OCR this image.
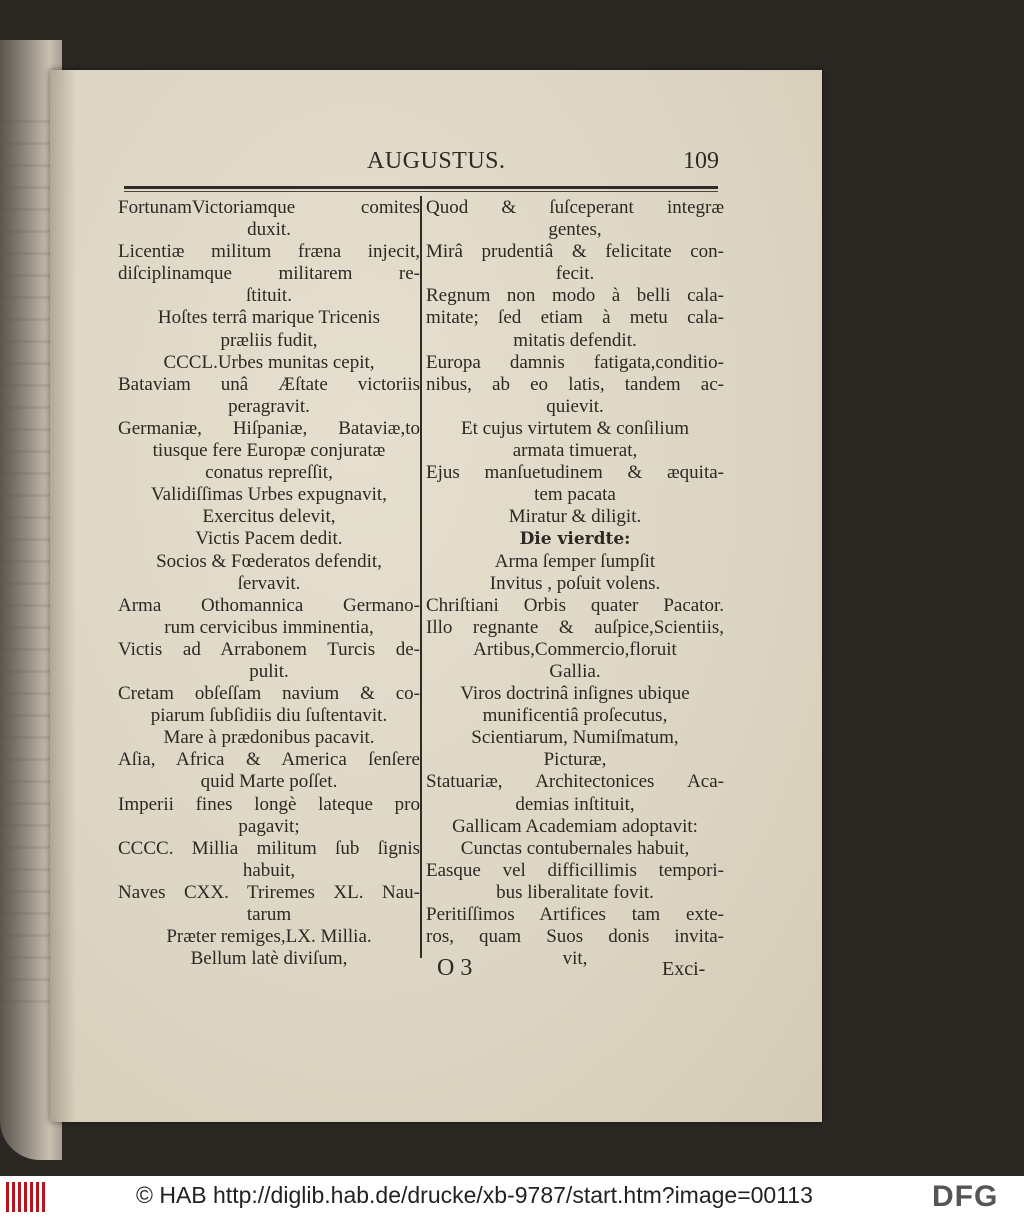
AUGUSTUS.	109
FortunamVictoriamque comites
duxit.
Licentiæ militum fræna injecit,
diſciplinamque militarem re-
ſtituit.
Hoſtes terrâ marique Tricenis
præliis fudit,
CCCL.Urbes munitas cepit,
Bataviam unâ Æſtate victoriis
peragravit.
Germaniæ, Hiſpaniæ, Bataviæ,to
tiusque fere Europæ conjuratæ
conatus repreſſit,
Validiſſimas Urbes expugnavit,
Exercitus delevit,
Victis Pacem dedit.
Socios & Fœderatos defendit,
ſervavit.
Arma Othomannica Germano-
rum cervicibus imminentia,
Victis ad Arrabonem Turcis de-
pulit.
Cretam obſeſſam navium & co-
piarum ſubſidiis diu ſuſtentavit.
Mare à prædonibus pacavit.
Aſia, Africa & America ſenſere
quid Marte poſſet.
Imperii fines longè lateque pro
pagavit;
CCCC. Millia militum ſub ſignis
habuit,
Naves CXX. Triremes XL. Nau-
tarum
Præter remiges,LX. Millia.
Bellum latè diviſum,
Quod & ſuſceperant integræ
gentes,
Mirâ prudentiâ & felicitate con-
fecit.
Regnum non modo à belli cala-
mitate; ſed etiam à metu cala-
mitatis defendit.
Europa damnis fatigata,conditio-
nibus, ab eo latis, tandem ac-
quievit.
Et cujus virtutem & conſilium
armata timuerat,
Ejus manſuetudinem & æquita-
tem pacata
Miratur & diligit.
Die vierdte:
Arma ſemper ſumpſit
Invitus , poſuit volens.
Chriſtiani Orbis quater Pacator.
Illo regnante & auſpice,Scientiis,
Artibus,Commercio,floruit
Gallia.
Viros doctrinâ inſignes ubique
munificentiâ proſecutus,
Scientiarum, Numiſmatum,
Picturæ,
Statuariæ, Architectonices Aca-
demias inſtituit,
Gallicam Academiam adoptavit:
Cunctas contubernales habuit,
Easque vel difficillimis tempori-
bus liberalitate fovit.
Peritiſſimos Artifices tam exte-
ros, quam Suos donis invita-
vit,
O 3	Exci-
© HAB http://diglib.hab.de/drucke/xb-9787/start.htm?image=00113	DFG
